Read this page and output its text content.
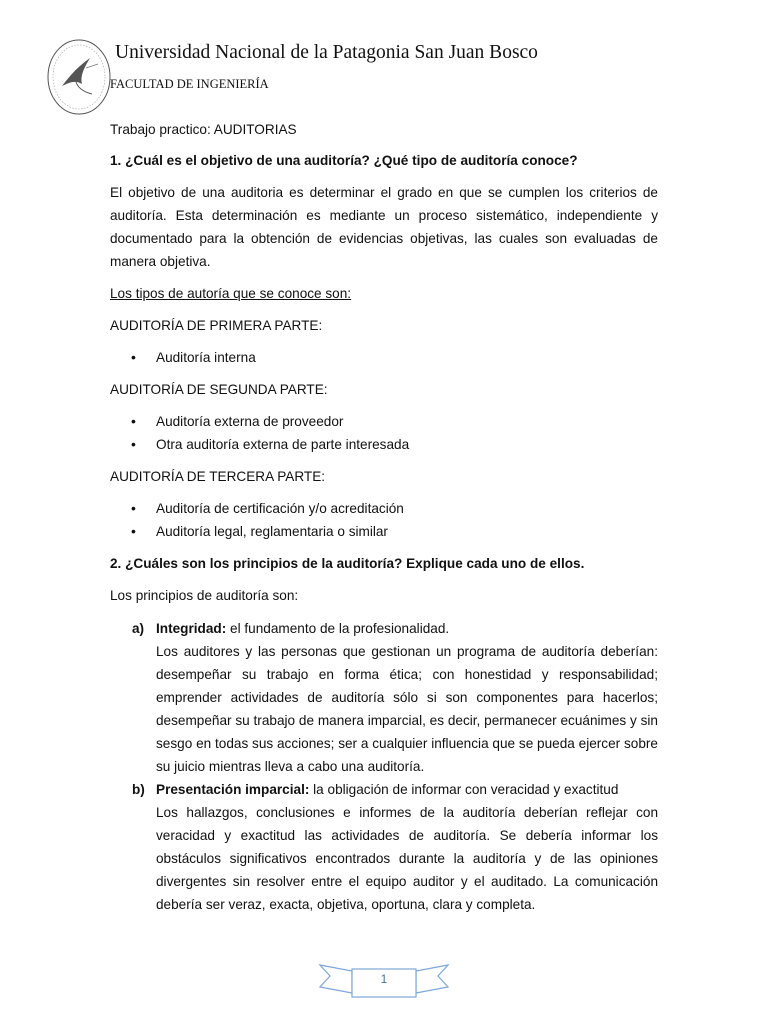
Universidad Nacional de la Patagonia San Juan Bosco
FACULTAD DE INGENIERÍA

Trabajo practico: AUDITORIAS

1. ¿Cuál es el objetivo de una auditoría? ¿Qué tipo de auditoría conoce?

El objetivo de una auditoria es determinar el grado en que se cumplen los criterios de auditoría. Esta determinación es mediante un proceso sistemático, independiente y documentado para la obtención de evidencias objetivas, las cuales son evaluadas de manera objetiva.

Los tipos de autoría que se conoce son:

AUDITORÍA DE PRIMERA PARTE:

• Auditoría interna

AUDITORÍA DE SEGUNDA PARTE:

• Auditoría externa de proveedor
• Otra auditoría externa de parte interesada

AUDITORÍA DE TERCERA PARTE:

• Auditoría de certificación y/o acreditación
• Auditoría legal, reglamentaria o similar

2. ¿Cuáles son los principios de la auditoría? Explique cada uno de ellos.

Los principios de auditoría son:

a) Integridad: el fundamento de la profesionalidad.
Los auditores y las personas que gestionan un programa de auditoría deberían: desempeñar su trabajo en forma ética; con honestidad y responsabilidad; emprender actividades de auditoría sólo si son componentes para hacerlos; desempeñar su trabajo de manera imparcial, es decir, permanecer ecuánimes y sin sesgo en todas sus acciones; ser a cualquier influencia que se pueda ejercer sobre su juicio mientras lleva a cabo una auditoría.
b) Presentación imparcial: la obligación de informar con veracidad y exactitud
Los hallazgos, conclusiones e informes de la auditoría deberían reflejar con veracidad y exactitud las actividades de auditoría. Se debería informar los obstáculos significativos encontrados durante la auditoría y de las opiniones divergentes sin resolver entre el equipo auditor y el auditado. La comunicación debería ser veraz, exacta, objetiva, oportuna, clara y completa.
1
